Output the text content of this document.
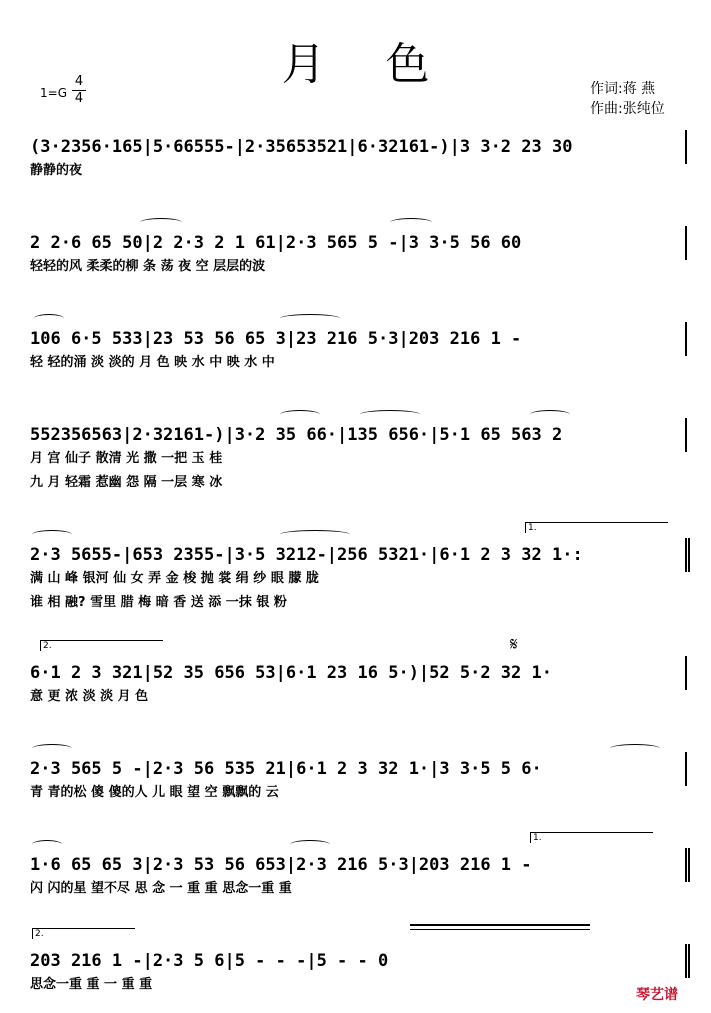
月色
1=G
4
4
作词:蒋 燕
作曲:张纯位
(3·2356·165|5·66555-|2·35653521|6·32161-)|3 3·2 23 30
静静的夜
2 2·6 65 50|2 2·3 2 1 61|2·3 565 5 -|3 3·5 56 60
轻轻的风 柔柔的柳 条 荡 夜 空 层层的波
106 6·5 533|23 53 56 65 3|23 216 5·3|203 216 1 -
轻 轻的涌 淡 淡的 月 色 映 水 中 映 水 中
552356563|2·32161-)|3·2 35 66·|135 656·|5·1 65 563 2
月 宫 仙子 散清 光 撒 一把 玉 桂
九 月 轻霜 惹幽 怨 隔 一层 寒 冰
1.
2·3 5655-|653 2355-|3·5 3212-|256 5321·|6·1 2 3 32 1·:
满 山 峰 银河 仙 女 弄 金 梭 抛 裳 绢 纱 眼 朦 胧
谁 相 融? 雪里 腊 梅 暗 香 送 添 一抹 银 粉
2.	𝄋
6·1 2 3 321|52 35 656 53|6·1 23 16 5·)|52 5·2 32 1·
意 更 浓 淡 淡 月 色
2·3 565 5 -|2·3 56 535 21|6·1 2 3 32 1·|3 3·5 5 6·
青 青的松 傻 傻的人 儿 眼 望 空 飘飘的 云
1.
1·6 65 65 3|2·3 53 56 653|2·3 216 5·3|203 216 1 -
闪 闪的星 望不尽 思 念 一 重 重 思念一重 重
2.
203 216 1 -|2·3 5 6|5 - - -|5 - - 0
思念一重 重 一 重 重
琴艺谱
